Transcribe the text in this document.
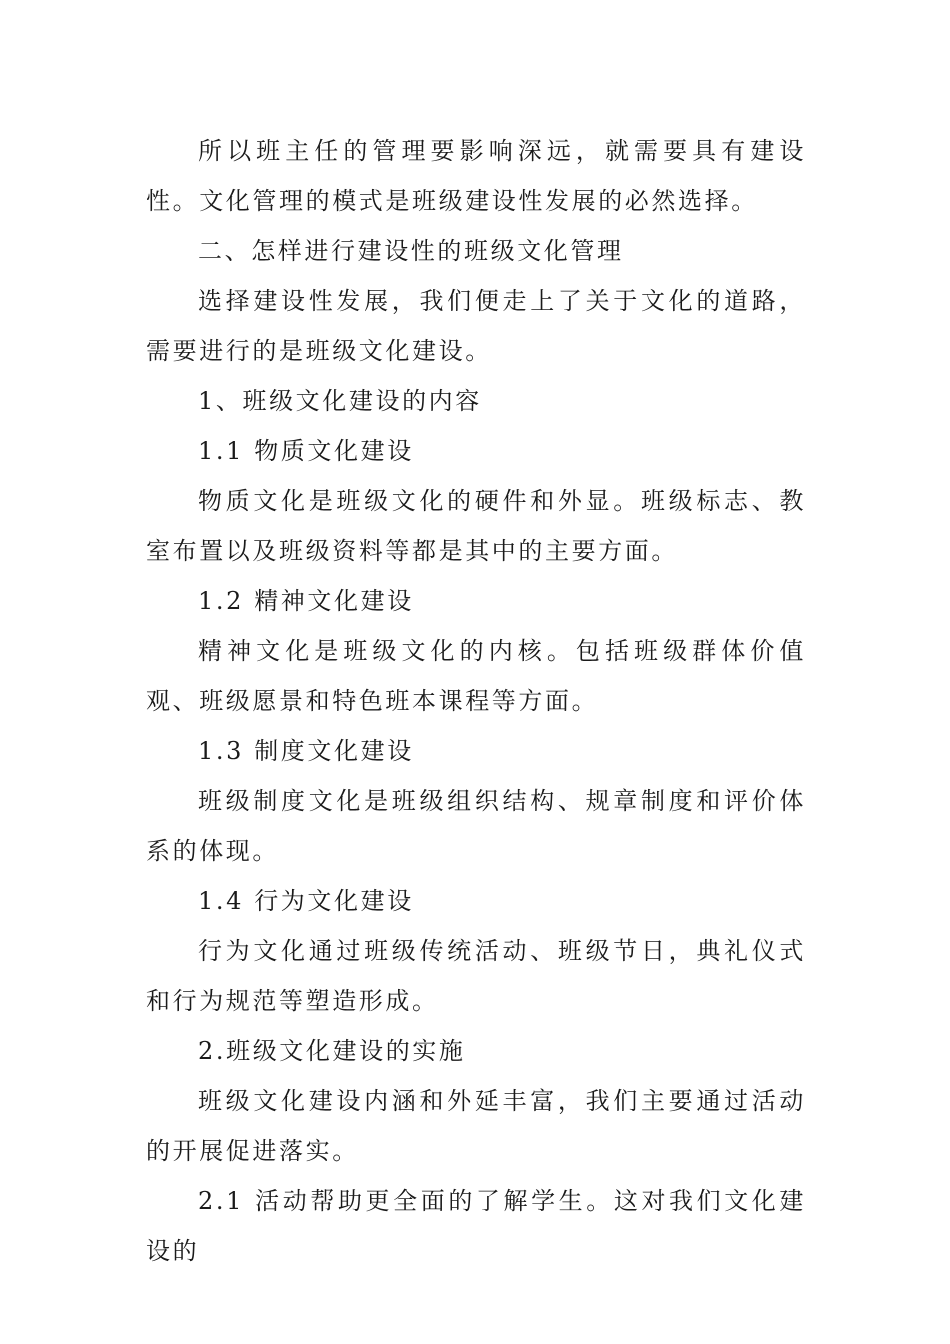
所以班主任的管理要影响深远，就需要具有建设性。文化管理的模式是班级建设性发展的必然选择。

二、怎样进行建设性的班级文化管理

选择建设性发展，我们便走上了关于文化的道路，需要进行的是班级文化建设。

1、班级文化建设的内容

1.1 物质文化建设

物质文化是班级文化的硬件和外显。班级标志、教室布置以及班级资料等都是其中的主要方面。

1.2 精神文化建设

精神文化是班级文化的内核。包括班级群体价值观、班级愿景和特色班本课程等方面。

1.3 制度文化建设

班级制度文化是班级组织结构、规章制度和评价体系的体现。

1.4 行为文化建设

行为文化通过班级传统活动、班级节日，典礼仪式和行为规范等塑造形成。

2.班级文化建设的实施

班级文化建设内涵和外延丰富，我们主要通过活动的开展促进落实。

2.1 活动帮助更全面的了解学生。这对我们文化建设的
